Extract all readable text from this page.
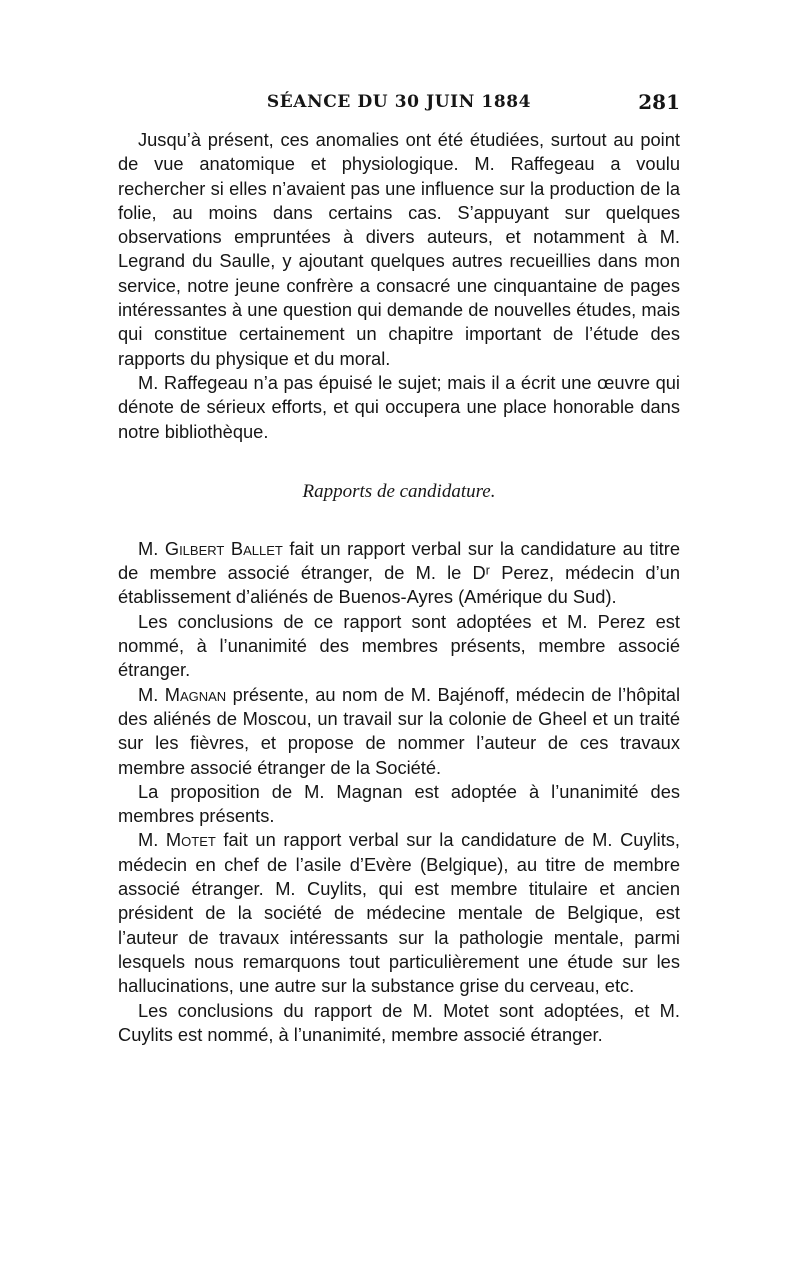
SÉANCE DU 30 JUIN 1884	281

Jusqu’à présent, ces anomalies ont été étudiées, surtout au point de vue anatomique et physiologique. M. Raffegeau a voulu rechercher si elles n’avaient pas une influence sur la production de la folie, au moins dans certains cas. S’appuyant sur quelques observations empruntées à divers auteurs, et notamment à M. Legrand du Saulle, y ajoutant quelques autres recueillies dans mon service, notre jeune confrère a consacré une cinquantaine de pages intéressantes à une question qui demande de nouvelles études, mais qui constitue certainement un chapitre important de l’étude des rapports du physique et du moral.

M. Raffegeau n’a pas épuisé le sujet; mais il a écrit une œuvre qui dénote de sérieux efforts, et qui occupera une place honorable dans notre bibliothèque.

Rapports de candidature.

M. Gilbert Ballet fait un rapport verbal sur la candidature au titre de membre associé étranger, de M. le Dʳ Perez, médecin d’un établissement d’aliénés de Buenos-Ayres (Amérique du Sud).

Les conclusions de ce rapport sont adoptées et M. Perez est nommé, à l’unanimité des membres présents, membre associé étranger.

M. Magnan présente, au nom de M. Bajénoff, médecin de l’hôpital des aliénés de Moscou, un travail sur la colonie de Gheel et un traité sur les fièvres, et propose de nommer l’auteur de ces travaux membre associé étranger de la Société.

La proposition de M. Magnan est adoptée à l’unanimité des membres présents.

M. Motet fait un rapport verbal sur la candidature de M. Cuylits, médecin en chef de l’asile d’Evère (Belgique), au titre de membre associé étranger. M. Cuylits, qui est membre titulaire et ancien président de la société de médecine mentale de Belgique, est l’auteur de travaux intéressants sur la pathologie mentale, parmi lesquels nous remarquons tout particulièrement une étude sur les hallucinations, une autre sur la substance grise du cerveau, etc.

Les conclusions du rapport de M. Motet sont adoptées, et M. Cuylits est nommé, à l’unanimité, membre associé étranger.
